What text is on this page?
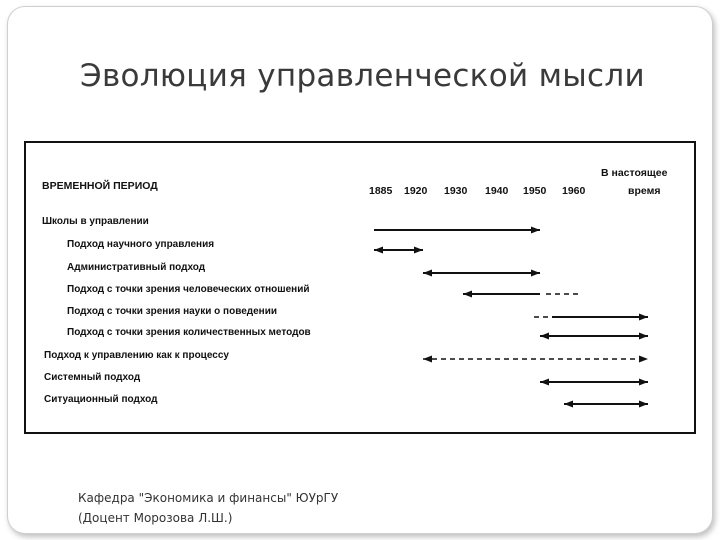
Эволюция управленческой мысли
ВРЕМЕННОЙ ПЕРИОД	1885 1920 1930 1940 1950 1960
В настоящее
время
Школы в управлении
Подход научного управления
Административный подход
Подход с точки зрения человеческих отношений
Подход с точки зрения науки о поведении
Подход с точки зрения количественных методов
Подход к управлению как к процессу
Системный подход
Ситуационный подход
Кафедра "Экономика и финансы" ЮУрГУ
(Доцент Морозова Л.Ш.)
